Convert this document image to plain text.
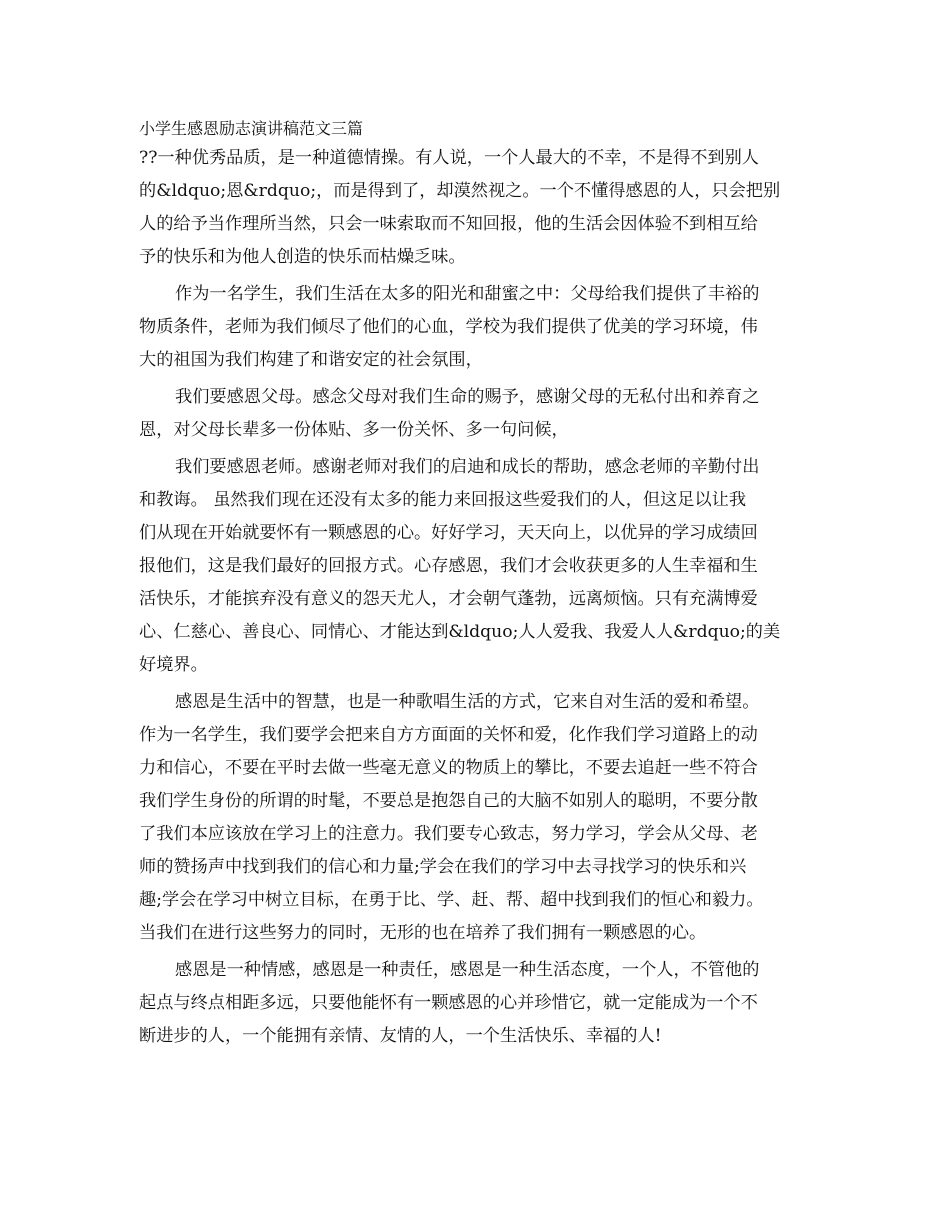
小学生感恩励志演讲稿范文三篇
??一种优秀品质，是一种道德情操。有人说，一个人最大的不幸，不是得不到别人
的&ldquo;恩&rdquo;，而是得到了，却漠然视之。一个不懂得感恩的人，只会把别
人的给予当作理所当然，只会一味索取而不知回报，他的生活会因体验不到相互给
予的快乐和为他人创造的快乐而枯燥乏味。
作为一名学生，我们生活在太多的阳光和甜蜜之中：父母给我们提供了丰裕的
物质条件，老师为我们倾尽了他们的心血，学校为我们提供了优美的学习环境，伟
大的祖国为我们构建了和谐安定的社会氛围，
我们要感恩父母。感念父母对我们生命的赐予，感谢父母的无私付出和养育之
恩，对父母长辈多一份体贴、多一份关怀、多一句问候，
我们要感恩老师。感谢老师对我们的启迪和成长的帮助，感念老师的辛勤付出
和教诲。 虽然我们现在还没有太多的能力来回报这些爱我们的人，但这足以让我
们从现在开始就要怀有一颗感恩的心。好好学习，天天向上，以优异的学习成绩回
报他们，这是我们最好的回报方式。心存感恩，我们才会收获更多的人生幸福和生
活快乐，才能摈弃没有意义的怨天尤人，才会朝气蓬勃，远离烦恼。只有充满博爱
心、仁慈心、善良心、同情心、才能达到&ldquo;人人爱我、我爱人人&rdquo;的美
好境界。
感恩是生活中的智慧，也是一种歌唱生活的方式，它来自对生活的爱和希望。
作为一名学生，我们要学会把来自方方面面的关怀和爱，化作我们学习道路上的动
力和信心，不要在平时去做一些毫无意义的物质上的攀比，不要去追赶一些不符合
我们学生身份的所谓的时髦，不要总是抱怨自己的大脑不如别人的聪明，不要分散
了我们本应该放在学习上的注意力。我们要专心致志，努力学习，学会从父母、老
师的赞扬声中找到我们的信心和力量;学会在我们的学习中去寻找学习的快乐和兴
趣;学会在学习中树立目标，在勇于比、学、赶、帮、超中找到我们的恒心和毅力。
当我们在进行这些努力的同时，无形的也在培养了我们拥有一颗感恩的心。
感恩是一种情感，感恩是一种责任，感恩是一种生活态度，一个人，不管他的
起点与终点相距多远，只要他能怀有一颗感恩的心并珍惜它，就一定能成为一个不
断进步的人，一个能拥有亲情、友情的人，一个生活快乐、幸福的人!
